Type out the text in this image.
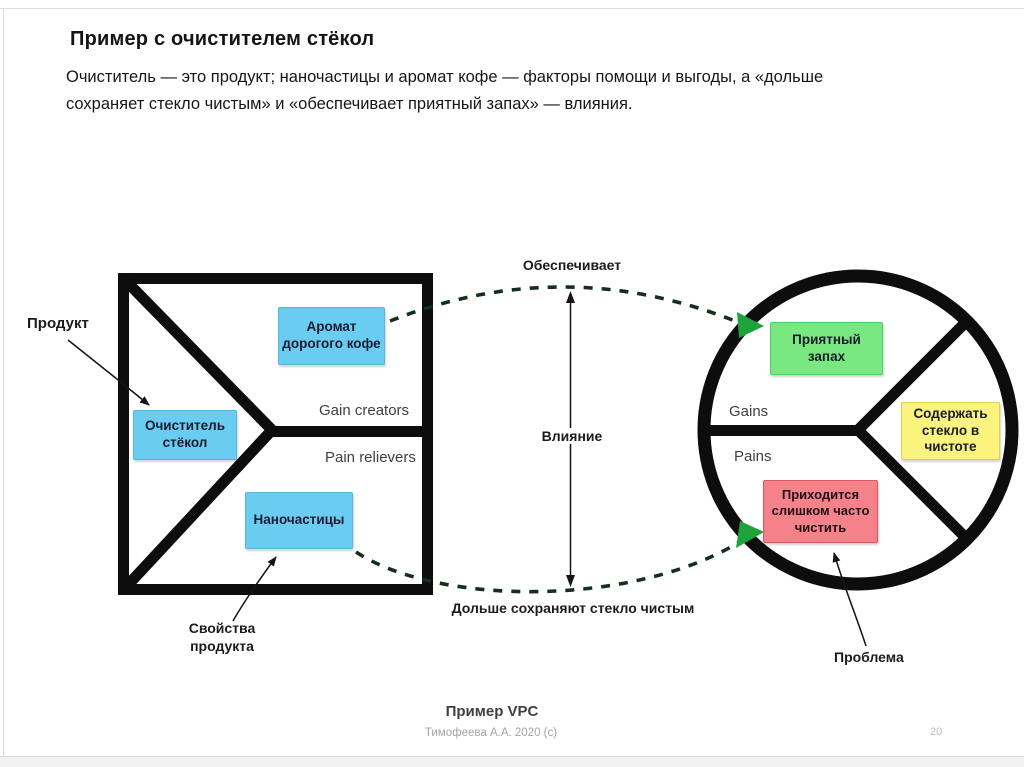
Пример с очистителем стёкол
Очиститель — это продукт; наночастицы и аромат кофе — факторы помощи и выгоды, а «дольше
сохраняет стекло чистым» и «обеспечивает приятный запах» — влияния.
Аромат дорогого кофе
Очиститель стёкол
Наночастицы
Приятный запах
Содержать стекло в чистоте
Приходится слишком часто чистить
Продукт
Gain creators
Pain relievers
Обеспечивает
Влияние
Дольше сохраняют стекло чистым
Gains
Pains
Свойства продукта
Проблема
Пример VPC
Тимофеева А.А. 2020 (с)	20
